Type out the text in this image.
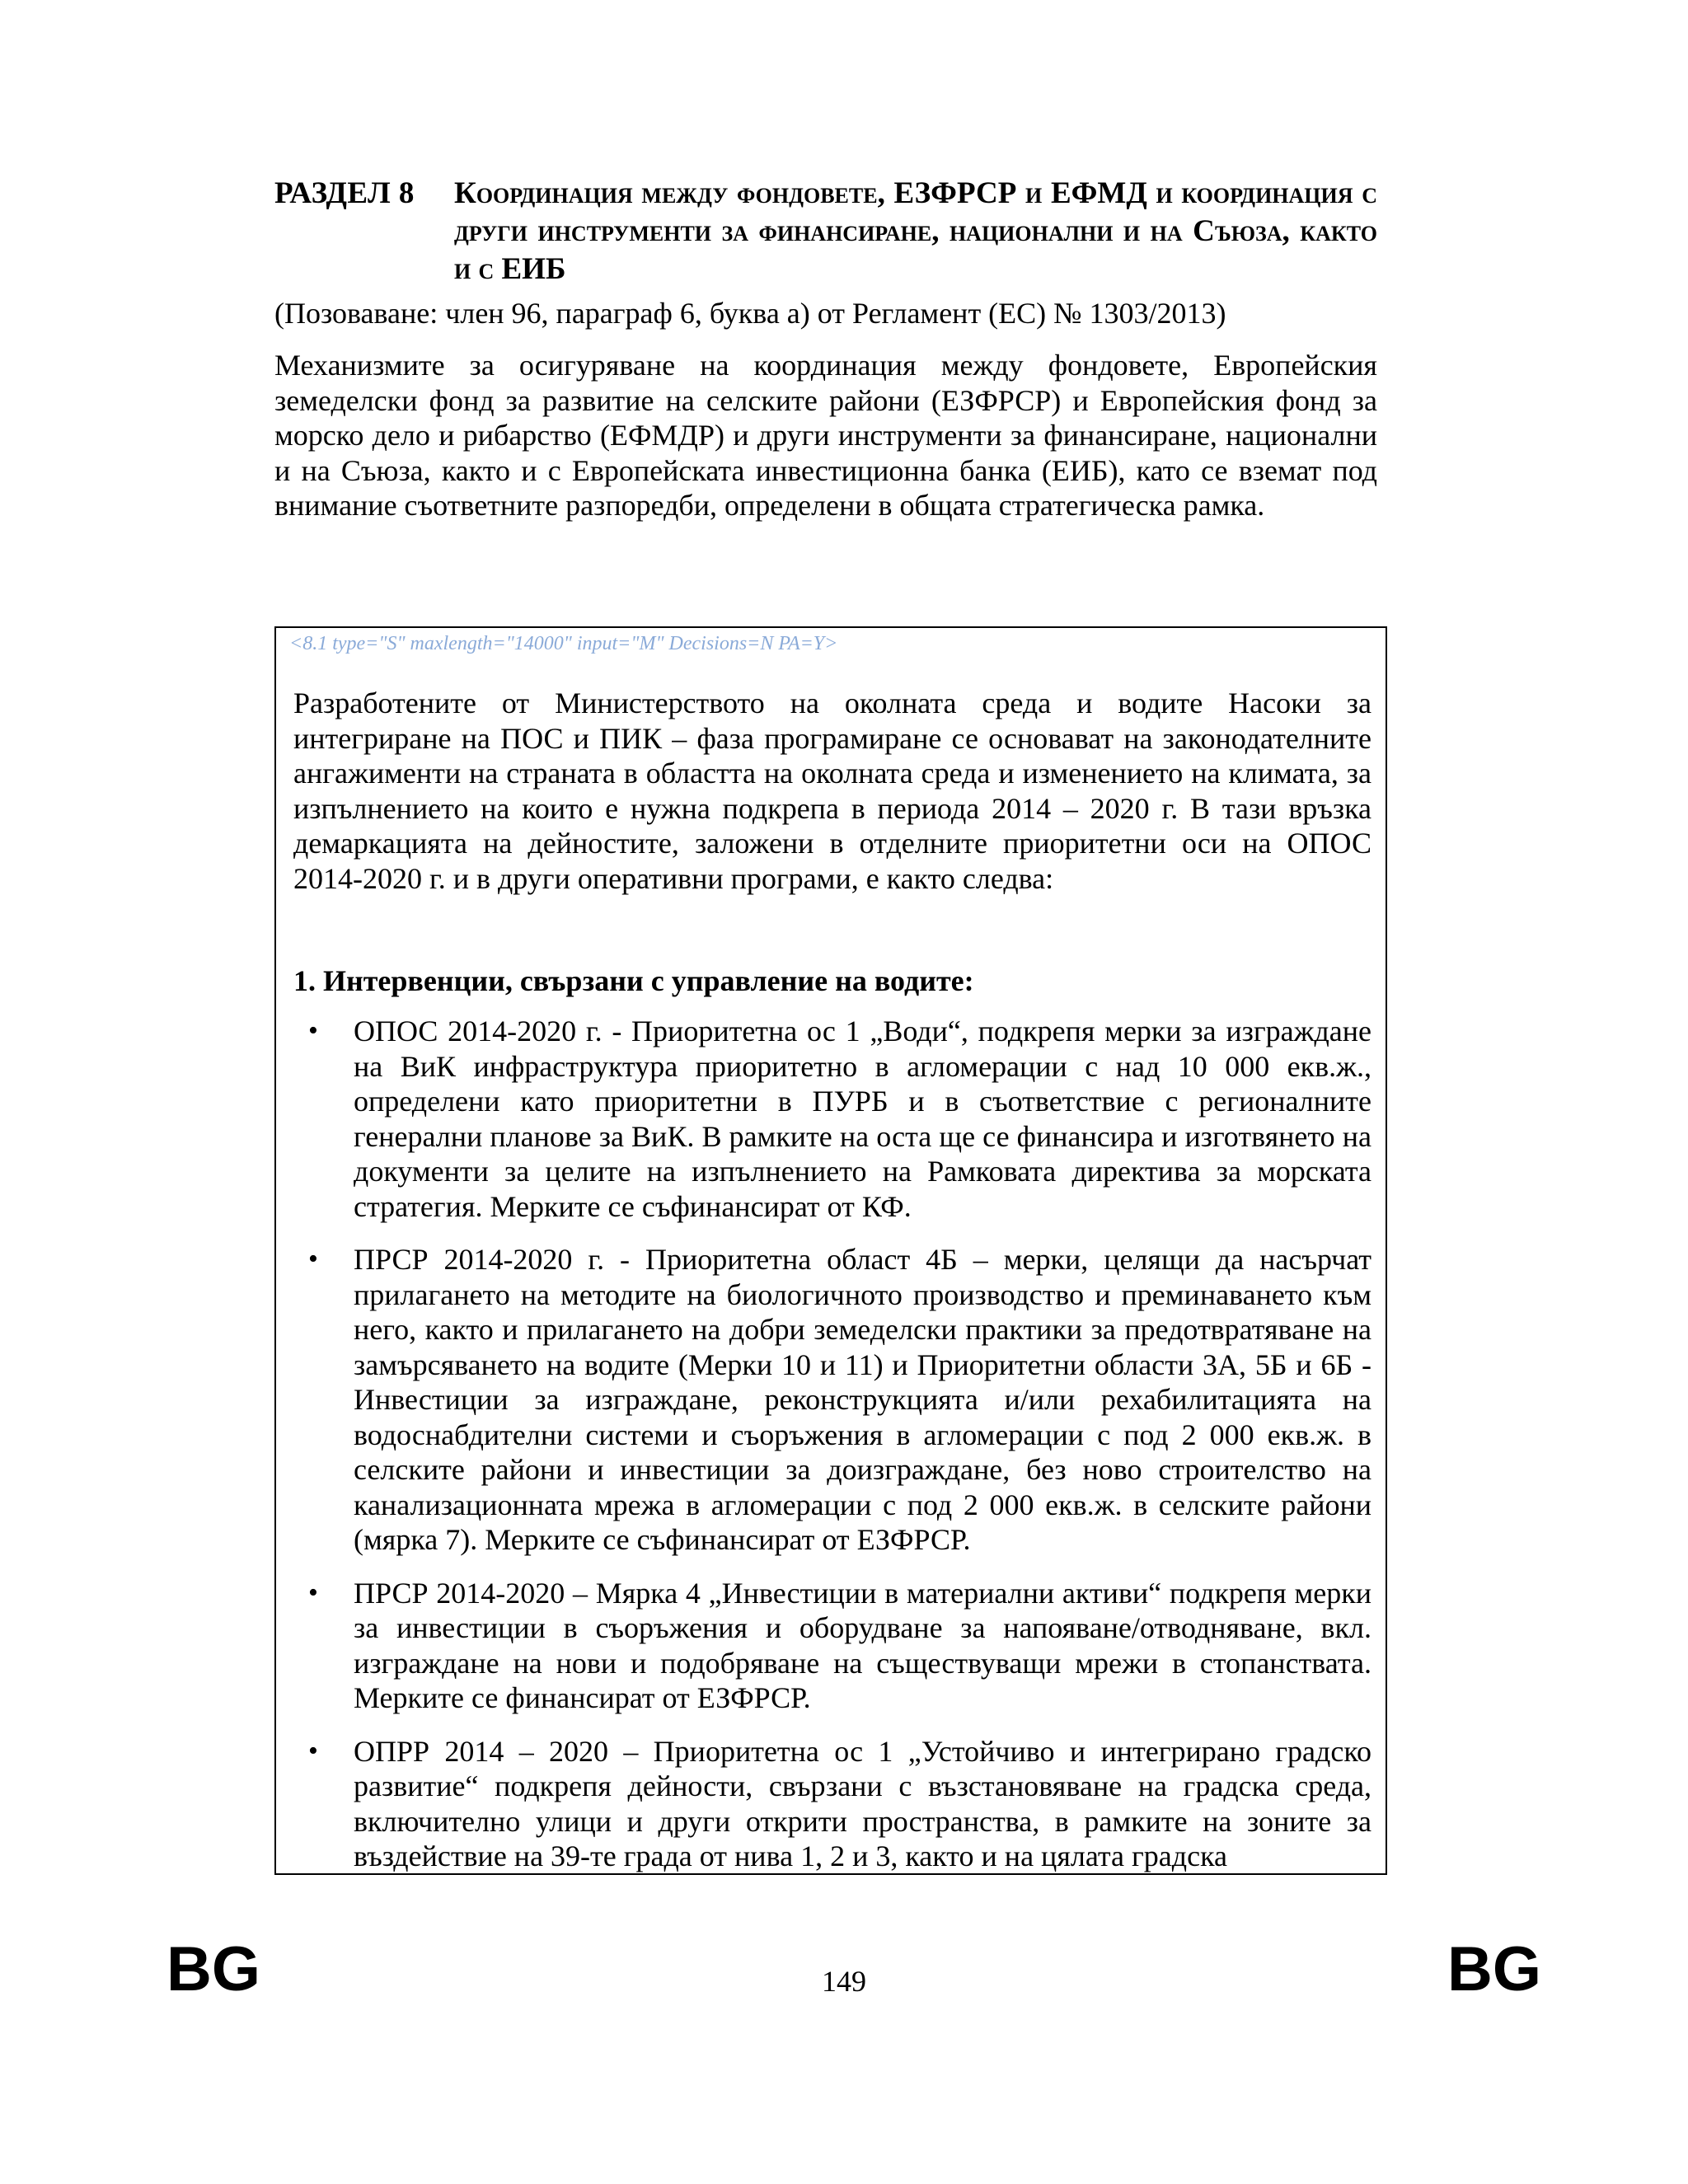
РАЗДЕЛ 8	Координация между фондовете, ЕЗФРСР и ЕФМД и координация с други инструменти за финансиране, национални и на Съюза, както и с ЕИБ
(Позоваване: член 96, параграф 6, буква а) от Регламент (ЕС) № 1303/2013)
Механизмите за осигуряване на координация между фондовете, Европейския земеделски фонд за развитие на селските райони (ЕЗФРСР) и Европейския фонд за морско дело и рибарство (ЕФМДР) и други инструменти за финансиране, национални и на Съюза, както и с Европейската инвестиционна банка (ЕИБ), като се вземат под внимание съответните разпоредби, определени в общата стратегическа рамка.
<8.1 type="S" maxlength="14000" input="M" Decisions=N PA=Y>
Разработените от Министерството на околната среда и водите Насоки за интегриране на ПОС и ПИК – фаза програмиране се основават на законодателните ангажименти на страната в областта на околната среда и изменението на климата, за изпълнението на които е нужна подкрепа в периода 2014 – 2020 г. В тази връзка демаркацията на дейностите, заложени в отделните приоритетни оси на ОПОС 2014-2020 г. и в други оперативни програми, е както следва:
1. Интервенции, свързани с управление на водите:
• ОПОС 2014-2020 г. - Приоритетна ос 1 „Води“, подкрепя мерки за изграждане на ВиК инфраструктура приоритетно в агломерации с над 10 000 екв.ж., определени като приоритетни в ПУРБ и в съответствие с регионалните генерални планове за ВиК. В рамките на оста ще се финансира и изготвянето на документи за целите на изпълнението на Рамковата директива за морската стратегия. Мерките се съфинансират от КФ.
• ПРСР 2014-2020 г. - Приоритетна област 4Б – мерки, целящи да насърчат прилагането на методите на биологичното производство и преминаването към него, както и прилагането на добри земеделски практики за предотвратяване на замърсяването на водите (Мерки 10 и 11) и Приоритетни области 3А, 5Б и 6Б - Инвестиции за изграждане, реконструкцията и/или рехабилитацията на водоснабдителни системи и съоръжения в агломерации с под 2 000 екв.ж. в селските райони и инвестиции за доизграждане, без ново строителство на канализационната мрежа в агломерации с под 2 000 екв.ж. в селските райони (мярка 7). Мерките се съфинансират от ЕЗФРСР.
• ПРСР 2014-2020 – Мярка 4 „Инвестиции в материални активи“ подкрепя мерки за инвестиции в съоръжения и оборудване за напояване/отводняване, вкл. изграждане на нови и подобряване на съществуващи мрежи в стопанствата. Мерките се финансират от ЕЗФРСР.
• ОПРР 2014 – 2020 – Приоритетна ос 1 „Устойчиво и интегрирано градско развитие“ подкрепя дейности, свързани с възстановяване на градска среда, включително улици и други открити пространства, в рамките на зоните за въздействие на 39-те града от нива 1, 2 и 3, както и на цялата градска
BG	149	BG
